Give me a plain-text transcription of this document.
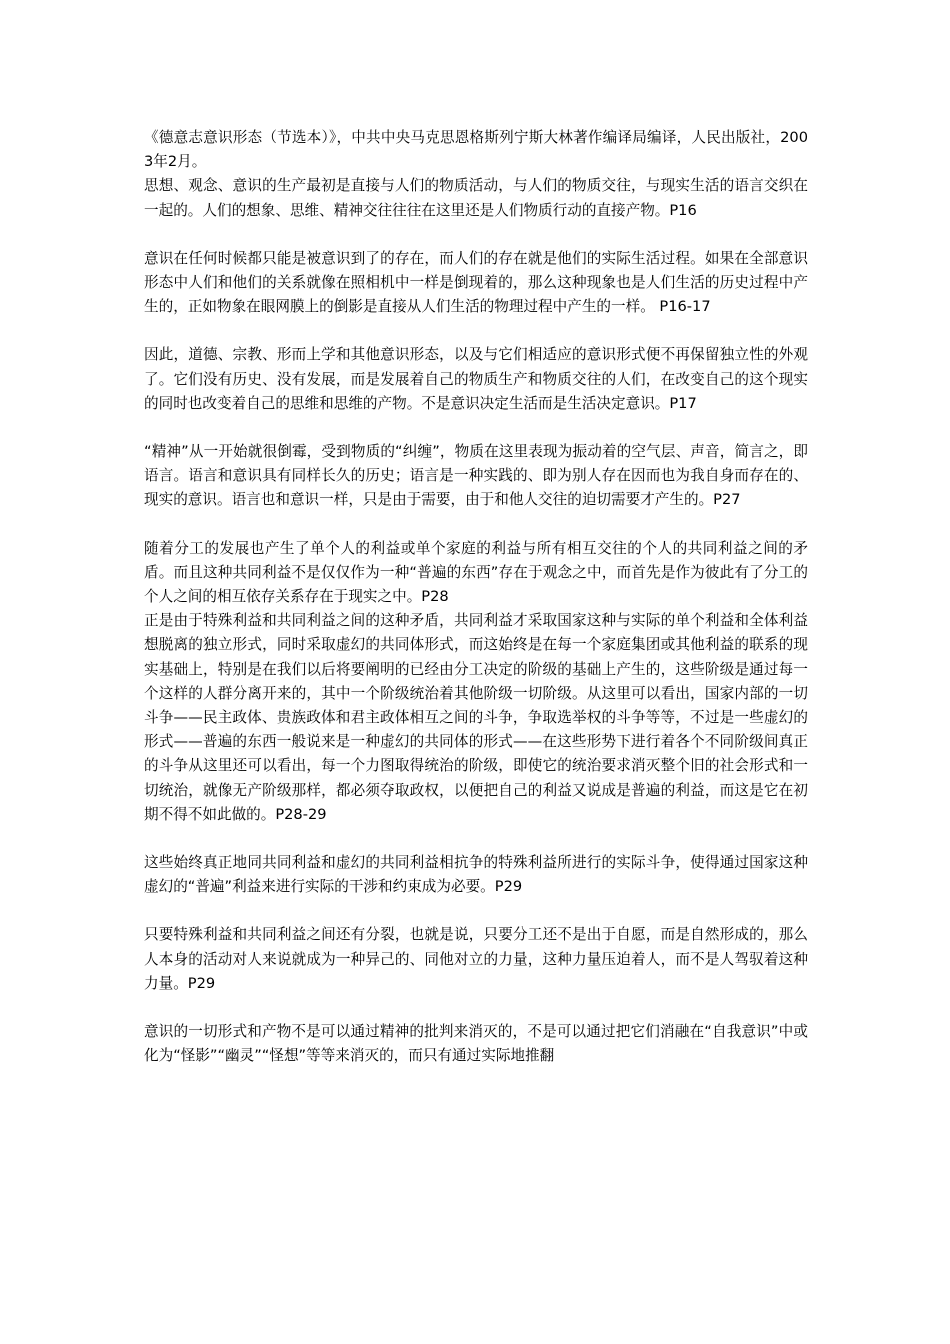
《德意志意识形态（节选本）》，中共中央马克思恩格斯列宁斯大林著作编译局编译，人民出版社，2003年2月。

思想、观念、意识的生产最初是直接与人们的物质活动，与人们的物质交往，与现实生活的语言交织在一起的。人们的想象、思维、精神交往往往在这里还是人们物质行动的直接产物。P16

意识在任何时候都只能是被意识到了的存在，而人们的存在就是他们的实际生活过程。如果在全部意识形态中人们和他们的关系就像在照相机中一样是倒现着的，那么这种现象也是人们生活的历史过程中产生的，正如物象在眼网膜上的倒影是直接从人们生活的物理过程中产生的一样。 P16-17

因此，道德、宗教、形而上学和其他意识形态，以及与它们相适应的意识形式便不再保留独立性的外观了。它们没有历史、没有发展，而是发展着自己的物质生产和物质交往的人们，在改变自己的这个现实的同时也改变着自己的思维和思维的产物。不是意识决定生活而是生活决定意识。P17

“精神”从一开始就很倒霉，受到物质的“纠缠”，物质在这里表现为振动着的空气层、声音，简言之，即语言。语言和意识具有同样长久的历史；语言是一种实践的、即为别人存在因而也为我自身而存在的、现实的意识。语言也和意识一样，只是由于需要，由于和他人交往的迫切需要才产生的。P27

随着分工的发展也产生了单个人的利益或单个家庭的利益与所有相互交往的个人的共同利益之间的矛盾。而且这种共同利益不是仅仅作为一种“普遍的东西”存在于观念之中，而首先是作为彼此有了分工的个人之间的相互依存关系存在于现实之中。P28

正是由于特殊利益和共同利益之间的这种矛盾，共同利益才采取国家这种与实际的单个利益和全体利益想脱离的独立形式，同时采取虚幻的共同体形式，而这始终是在每一个家庭集团或其他利益的联系的现实基础上，特别是在我们以后将要阐明的已经由分工决定的阶级的基础上产生的，这些阶级是通过每一个这样的人群分离开来的，其中一个阶级统治着其他阶级一切阶级。从这里可以看出，国家内部的一切斗争——民主政体、贵族政体和君主政体相互之间的斗争，争取选举权的斗争等等，不过是一些虚幻的形式——普遍的东西一般说来是一种虚幻的共同体的形式——在这些形势下进行着各个不同阶级间真正的斗争从这里还可以看出，每一个力图取得统治的阶级，即使它的统治要求消灭整个旧的社会形式和一切统治，就像无产阶级那样，都必须夺取政权，以便把自己的利益又说成是普遍的利益，而这是它在初期不得不如此做的。P28-29

这些始终真正地同共同利益和虚幻的共同利益相抗争的特殊利益所进行的实际斗争，使得通过国家这种虚幻的“普遍”利益来进行实际的干涉和约束成为必要。P29

只要特殊利益和共同利益之间还有分裂，也就是说，只要分工还不是出于自愿，而是自然形成的，那么人本身的活动对人来说就成为一种异己的、同他对立的力量，这种力量压迫着人，而不是人驾驭着这种力量。P29

意识的一切形式和产物不是可以通过精神的批判来消灭的，不是可以通过把它们消融在“自我意识”中或化为“怪影”“幽灵”“怪想”等等来消灭的，而只有通过实际地推翻
